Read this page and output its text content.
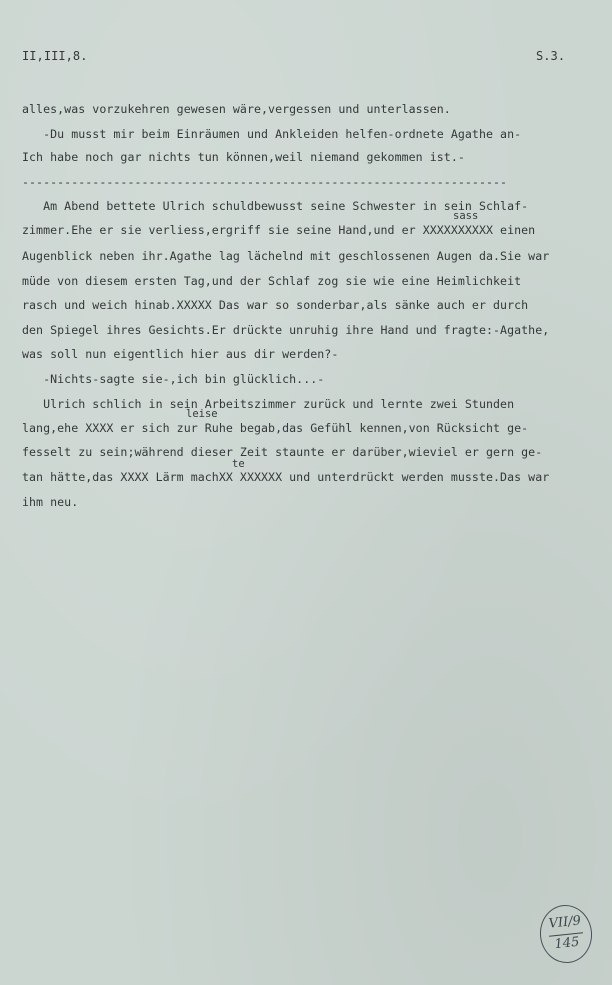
II,III,8.	S.3.
alles,was vorzukehren gewesen wäre,vergessen und unterlassen.
-Du musst mir beim Einräumen und Ankleiden helfen-ordnete Agathe an-
Ich habe noch gar nichts tun können,weil niemand gekommen ist.-
---------------------------------------------------------------------
Am Abend bettete Ulrich schuldbewusst seine Schwester in sein Schlaf-
sass
zimmer.Ehe er sie verliess,ergriff sie seine Hand,und er XXXXXXXXXX einen
Augenblick neben ihr.Agathe lag lächelnd mit geschlossenen Augen da.Sie war
müde von diesem ersten Tag,und der Schlaf zog sie wie eine Heimlichkeit
rasch und weich hinab.XXXXX Das war so sonderbar,als sänke auch er durch
den Spiegel ihres Gesichts.Er drückte unruhig ihre Hand und fragte:-Agathe,
was soll nun eigentlich hier aus dir werden?-
-Nichts-sagte sie-,ich bin glücklich...-
Ulrich schlich in sein Arbeitszimmer zurück und lernte zwei Stunden
leise
lang,ehe XXXX er sich zur Ruhe begab,das Gefühl kennen,von Rücksicht ge-
fesselt zu sein;während dieser Zeit staunte er darüber,wieviel er gern ge-
te
tan hätte,das XXXX Lärm machXX XXXXXX und unterdrückt werden musste.Das war
ihm neu.
VII/9
145
